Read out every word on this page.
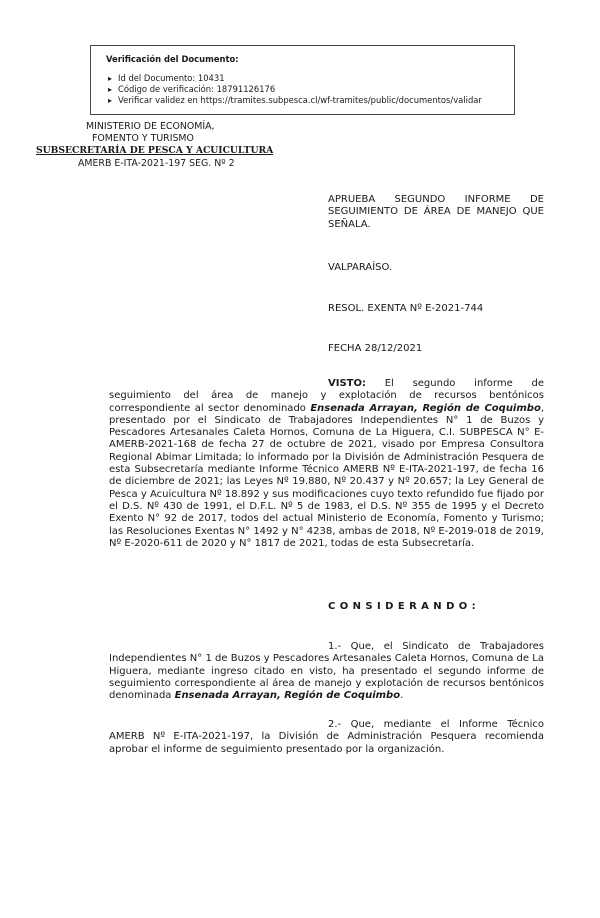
Verificación del Documento:
▸ Id del Documento: 10431
▸ Código de verificación: 18791126176
▸ Verificar validez en https://tramites.subpesca.cl/wf-tramites/public/documentos/validar
MINISTERIO DE ECONOMÍA,
FOMENTO Y TURISMO
SUBSECRETARÍA DE PESCA Y ACUICULTURA
AMERB E-ITA-2021-197 SEG. Nº 2
APRUEBA SEGUNDO INFORME DE SEGUIMIENTO DE ÁREA DE MANEJO QUE SEÑALA.
VALPARAÍSO.
RESOL. EXENTA Nº E-2021-744
FECHA 28/12/2021
VISTO: El segundo informe de seguimiento del área de manejo y explotación de recursos bentónicos correspondiente al sector denominado Ensenada Arrayan, Región de Coquimbo, presentado por el Sindicato de Trabajadores Independientes N° 1 de Buzos y Pescadores Artesanales Caleta Hornos, Comuna de La Higuera, C.I. SUBPESCA N° E-AMERB-2021-168 de fecha 27 de octubre de 2021, visado por Empresa Consultora Regional Abimar Limitada; lo informado por la División de Administración Pesquera de esta Subsecretaría mediante Informe Técnico AMERB Nº E-ITA-2021-197, de fecha 16 de diciembre de 2021; las Leyes Nº 19.880, Nº 20.437 y Nº 20.657; la Ley General de Pesca y Acuicultura Nº 18.892 y sus modificaciones cuyo texto refundido fue fijado por el D.S. Nº 430 de 1991, el D.F.L. Nº 5 de 1983, el D.S. Nº 355 de 1995 y el Decreto Exento N° 92 de 2017, todos del actual Ministerio de Economía, Fomento y Turismo; las Resoluciones Exentas N° 1492 y N° 4238, ambas de 2018, Nº E-2019-018 de 2019, Nº E-2020-611 de 2020 y N° 1817 de 2021, todas de esta Subsecretaría.
CONSIDERANDO:
1.- Que, el Sindicato de Trabajadores Independientes N° 1 de Buzos y Pescadores Artesanales Caleta Hornos, Comuna de La Higuera, mediante ingreso citado en visto, ha presentado el segundo informe de seguimiento correspondiente al área de manejo y explotación de recursos bentónicos denominada Ensenada Arrayan, Región de Coquimbo.
2.- Que, mediante el Informe Técnico AMERB Nº E-ITA-2021-197, la División de Administración Pesquera recomienda aprobar el informe de seguimiento presentado por la organización.
